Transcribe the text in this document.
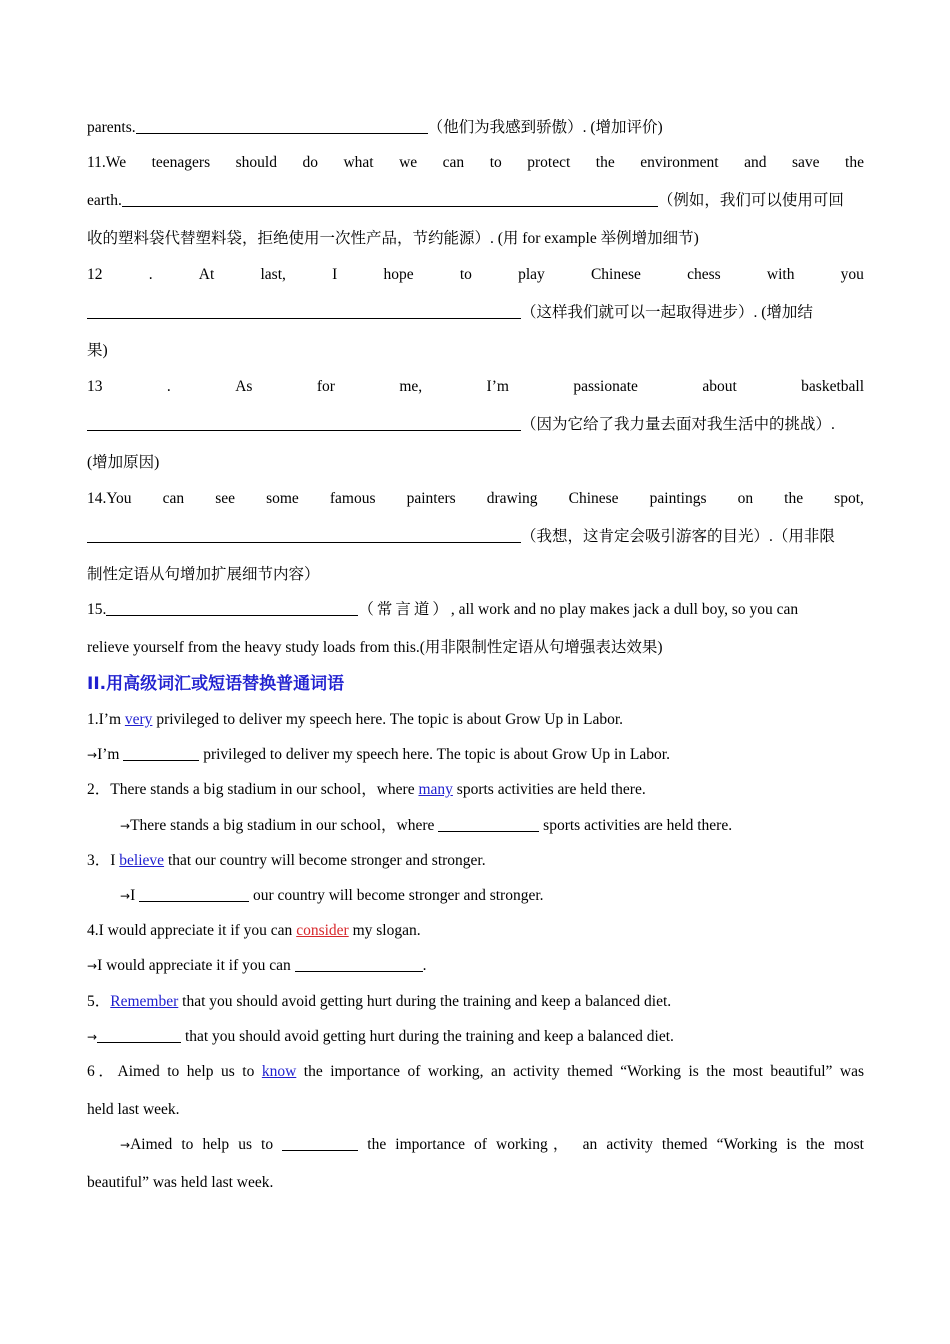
parents.	（他们为我感到骄傲）. (增加评价)
11.We teenagers should do what we can to protect the environment and save the
earth.	（例如，我们可以使用可回
收的塑料袋代替塑料袋，拒绝使用一次性产品，节约能源）. (用 for example 举例增加细节)
12	.	At	last,	I	hope	to	play	Chinese	chess	with	you
（这样我们就可以一起取得进步）. (增加结
果)
13	.	As	for	me,	I’m	passionate	about	basketball
（因为它给了我力量去面对我生活中的挑战）.
(增加原因)
14.You can see some famous painters drawing Chinese paintings on the spot,
（我想，这肯定会吸引游客的目光）.（用非限
制性定语从句增加扩展细节内容）
15.	（常言道）, all work and no play makes jack a dull boy, so you can
relieve yourself from the heavy study loads from this.(用非限制性定语从句增强表达效果)
II.用高级词汇或短语替换普通词语
1.I’m very privileged to deliver my speech here. The topic is about Grow Up in Labor.
→I’m	privileged to deliver my speech here. The topic is about Grow Up in Labor.
2．There stands a big stadium in our school，where many sports activities are held there.
→There stands a big stadium in our school，where	sports activities are held there.
3．I believe that our country will become stronger and stronger.
→I	our country will become stronger and stronger.
4.I would appreciate it if you can consider my slogan.
→I would appreciate it if you can	.
5．Remember that you should avoid getting hurt during the training and keep a balanced diet.
→	that you should avoid getting hurt during the training and keep a balanced diet.
6．Aimed to help us to know the importance of working, an activity themed “Working is the most beautiful” was
held last week.
→Aimed to help us to	the importance of working， an activity themed “Working is the most
beautiful” was held last week.
